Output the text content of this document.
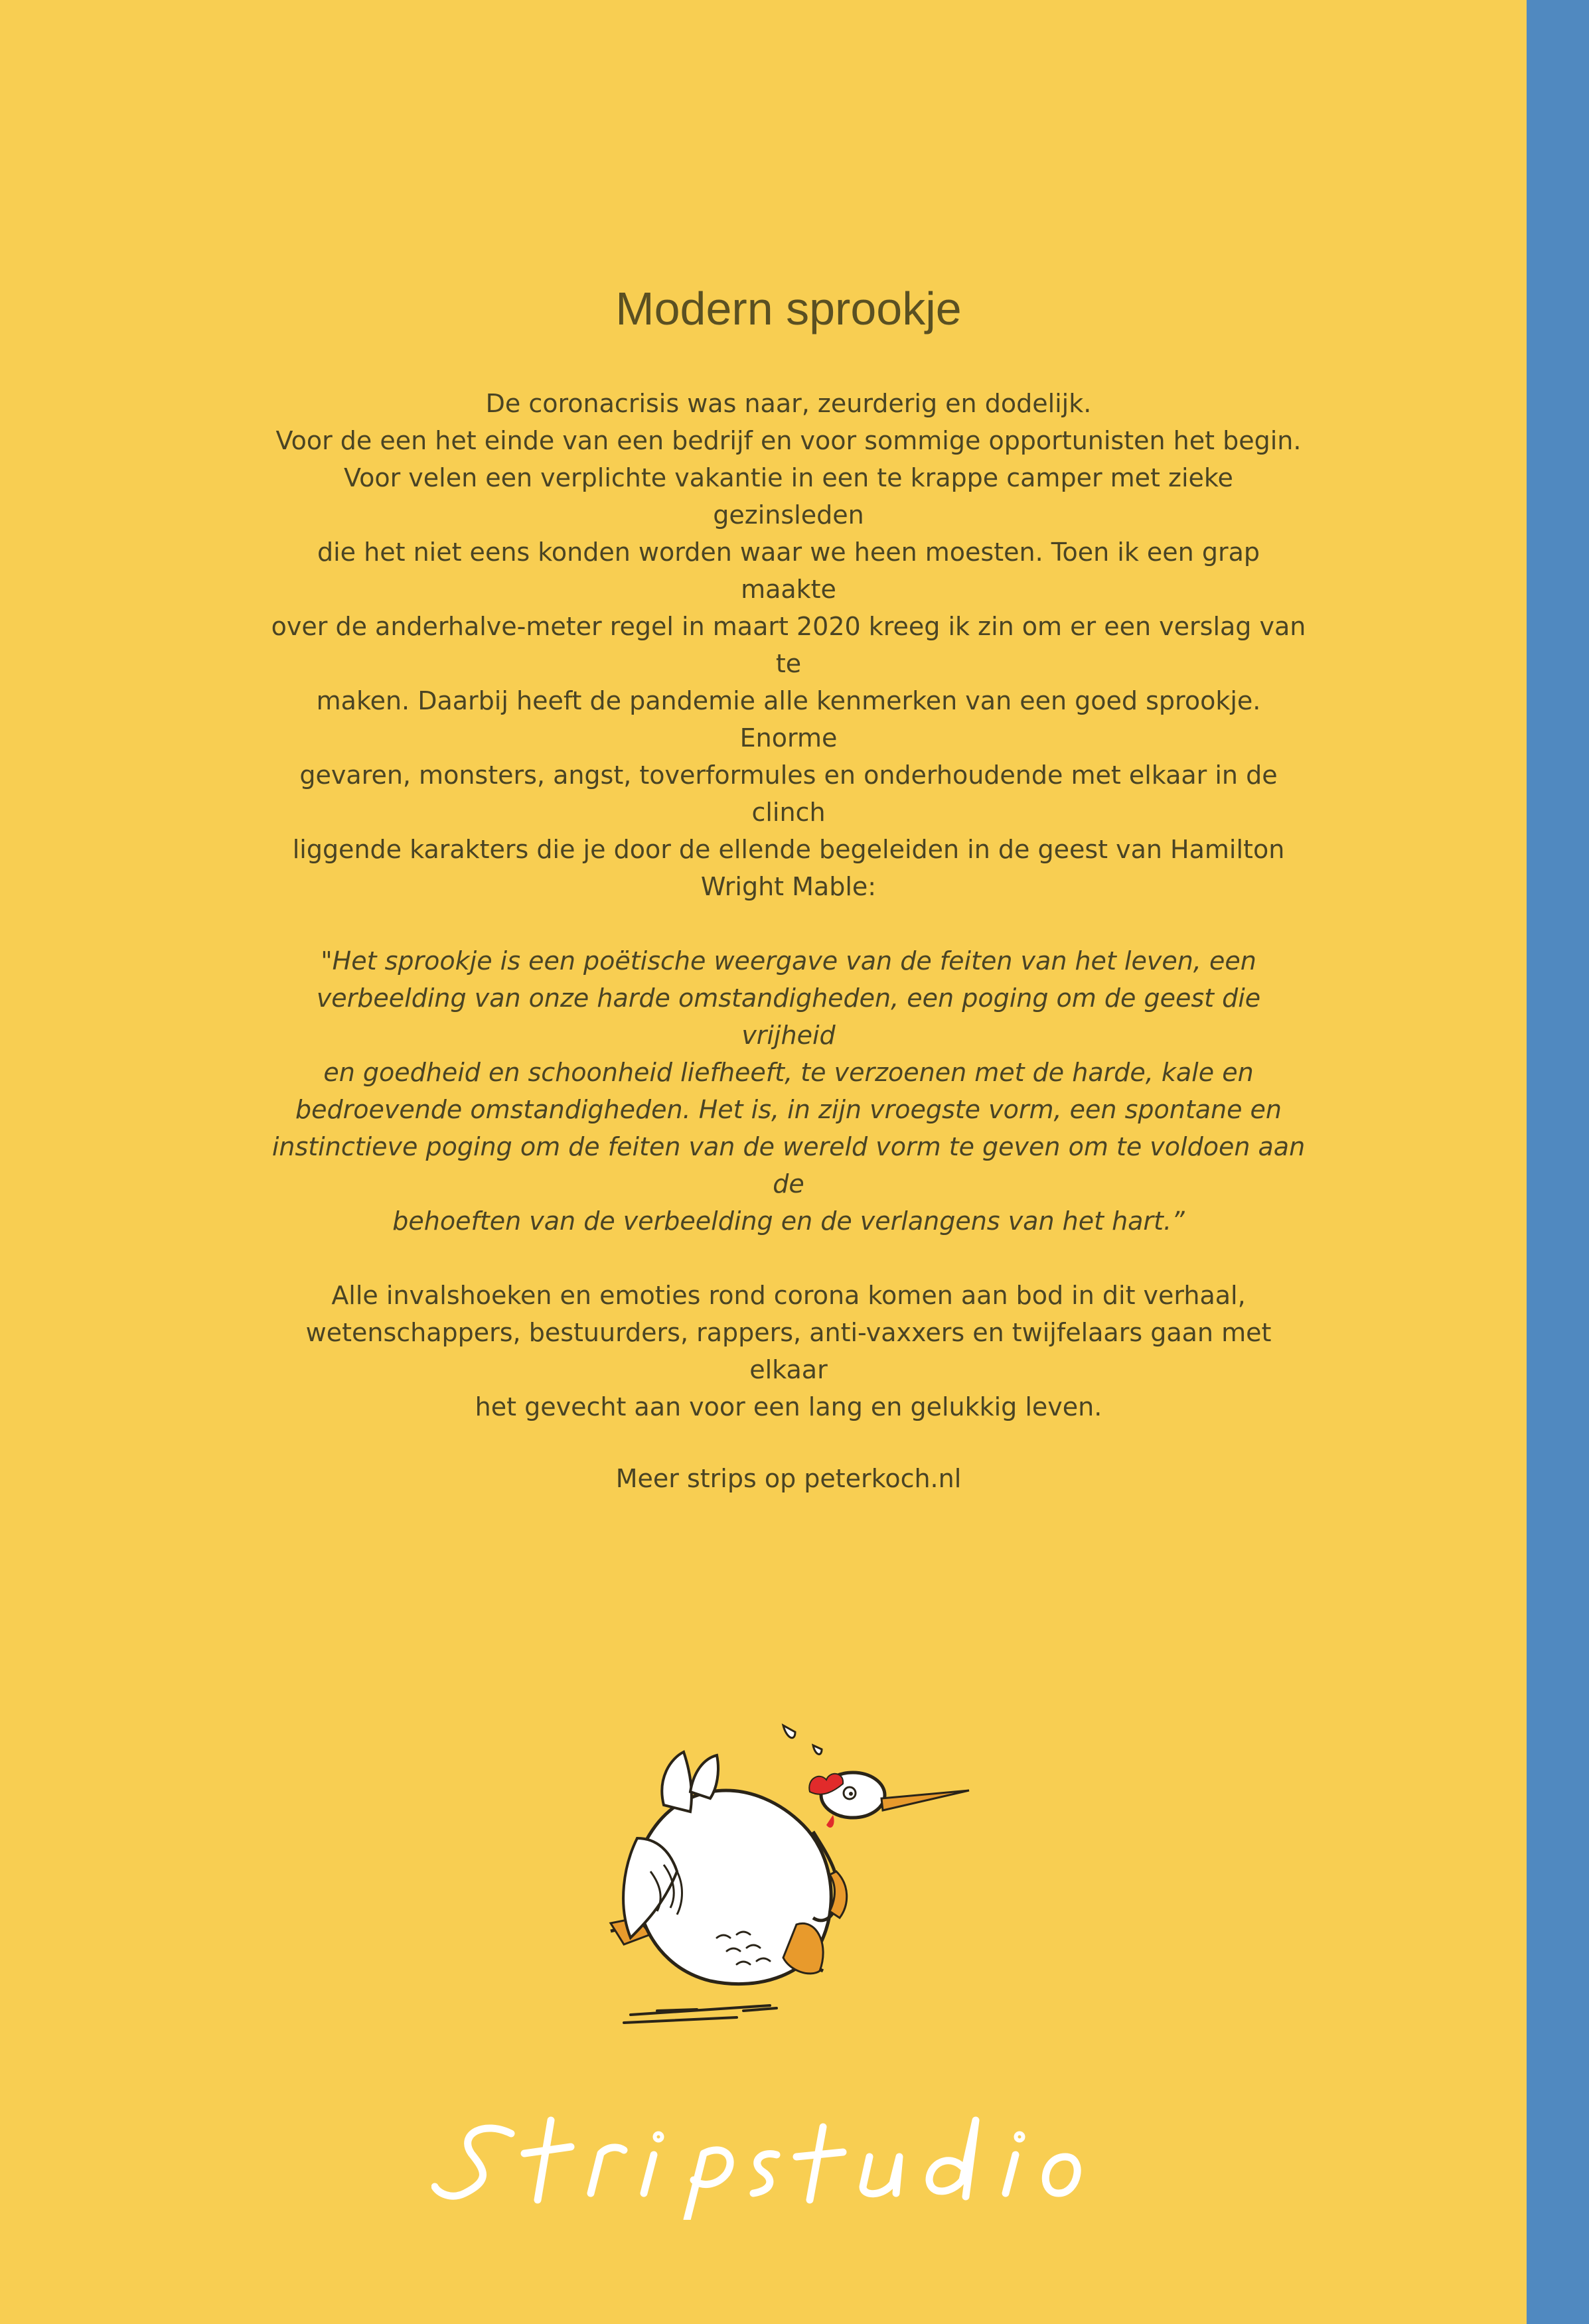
Modern sprookje

De coronacrisis was naar, zeurderig en dodelijk.

Voor de een het einde van een bedrijf en voor sommige opportunisten het begin.

Voor velen een verplichte vakantie in een te krappe camper met zieke gezinsleden

die het niet eens konden worden waar we heen moesten. Toen ik een grap maakte

over de anderhalve-meter regel in maart 2020 kreeg ik zin om er een verslag van te

maken. Daarbij heeft de pandemie alle kenmerken van een goed sprookje. Enorme

gevaren, monsters, angst, toverformules en onderhoudende met elkaar in de clinch

liggende karakters die je door de ellende begeleiden in de geest van Hamilton

Wright Mable:

"Het sprookje is een poëtische weergave van de feiten van het leven, een

verbeelding van onze harde omstandigheden, een poging om de geest die vrijheid

en goedheid en schoonheid liefheeft, te verzoenen met de harde, kale en

bedroevende omstandigheden. Het is, in zijn vroegste vorm, een spontane en

instinctieve poging om de feiten van de wereld vorm te geven om te voldoen aan de

behoeften van de verbeelding en de verlangens van het hart.”

Alle invalshoeken en emoties rond corona komen aan bod in dit verhaal,

wetenschappers, bestuurders, rappers, anti-vaxxers en twijfelaars gaan met elkaar

het gevecht aan voor een lang en gelukkig leven.

Meer strips op peterkoch.nl
